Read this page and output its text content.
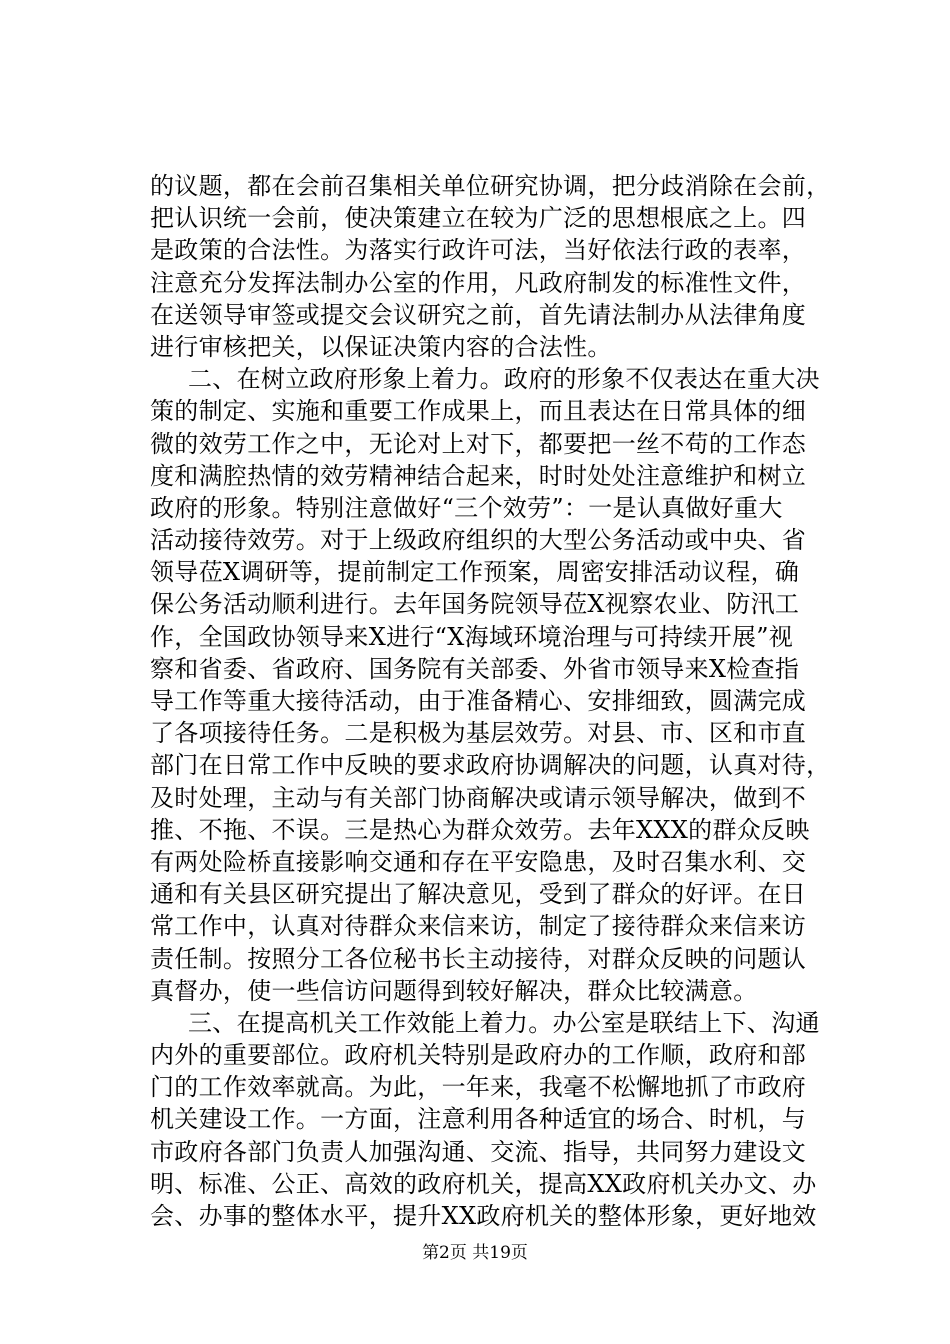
的议题，都在会前召集相关单位研究协调，把分歧消除在会前，
把认识统一会前，使决策建立在较为广泛的思想根底之上。四
是政策的合法性。为落实行政许可法，当好依法行政的表率，
注意充分发挥法制办公室的作用，凡政府制发的标准性文件，
在送领导审签或提交会议研究之前，首先请法制办从法律角度
进行审核把关，以保证决策内容的合法性。
二、在树立政府形象上着力。政府的形象不仅表达在重大决
策的制定、实施和重要工作成果上，而且表达在日常具体的细
微的效劳工作之中，无论对上对下，都要把一丝不苟的工作态
度和满腔热情的效劳精神结合起来，时时处处注意维护和树立
政府的形象。特别注意做好“三个效劳”：一是认真做好重大
活动接待效劳。对于上级政府组织的大型公务活动或中央、省
领导莅X调研等，提前制定工作预案，周密安排活动议程，确
保公务活动顺利进行。去年国务院领导莅X视察农业、防汛工
作，全国政协领导来X进行“X海域环境治理与可持续开展”视
察和省委、省政府、国务院有关部委、外省市领导来X检查指
导工作等重大接待活动，由于准备精心、安排细致，圆满完成
了各项接待任务。二是积极为基层效劳。对县、市、区和市直
部门在日常工作中反映的要求政府协调解决的问题，认真对待，
及时处理，主动与有关部门协商解决或请示领导解决，做到不
推、不拖、不误。三是热心为群众效劳。去年XXX的群众反映
有两处险桥直接影响交通和存在平安隐患，及时召集水利、交
通和有关县区研究提出了解决意见，受到了群众的好评。在日
常工作中，认真对待群众来信来访，制定了接待群众来信来访
责任制。按照分工各位秘书长主动接待，对群众反映的问题认
真督办，使一些信访问题得到较好解决，群众比较满意。
三、在提高机关工作效能上着力。办公室是联结上下、沟通
内外的重要部位。政府机关特别是政府办的工作顺，政府和部
门的工作效率就高。为此，一年来，我毫不松懈地抓了市政府
机关建设工作。一方面，注意利用各种适宜的场合、时机，与
市政府各部门负责人加强沟通、交流、指导，共同努力建设文
明、标准、公正、高效的政府机关，提高XX政府机关办文、办
会、办事的整体水平，提升XX政府机关的整体形象，更好地效
第2页 共19页
